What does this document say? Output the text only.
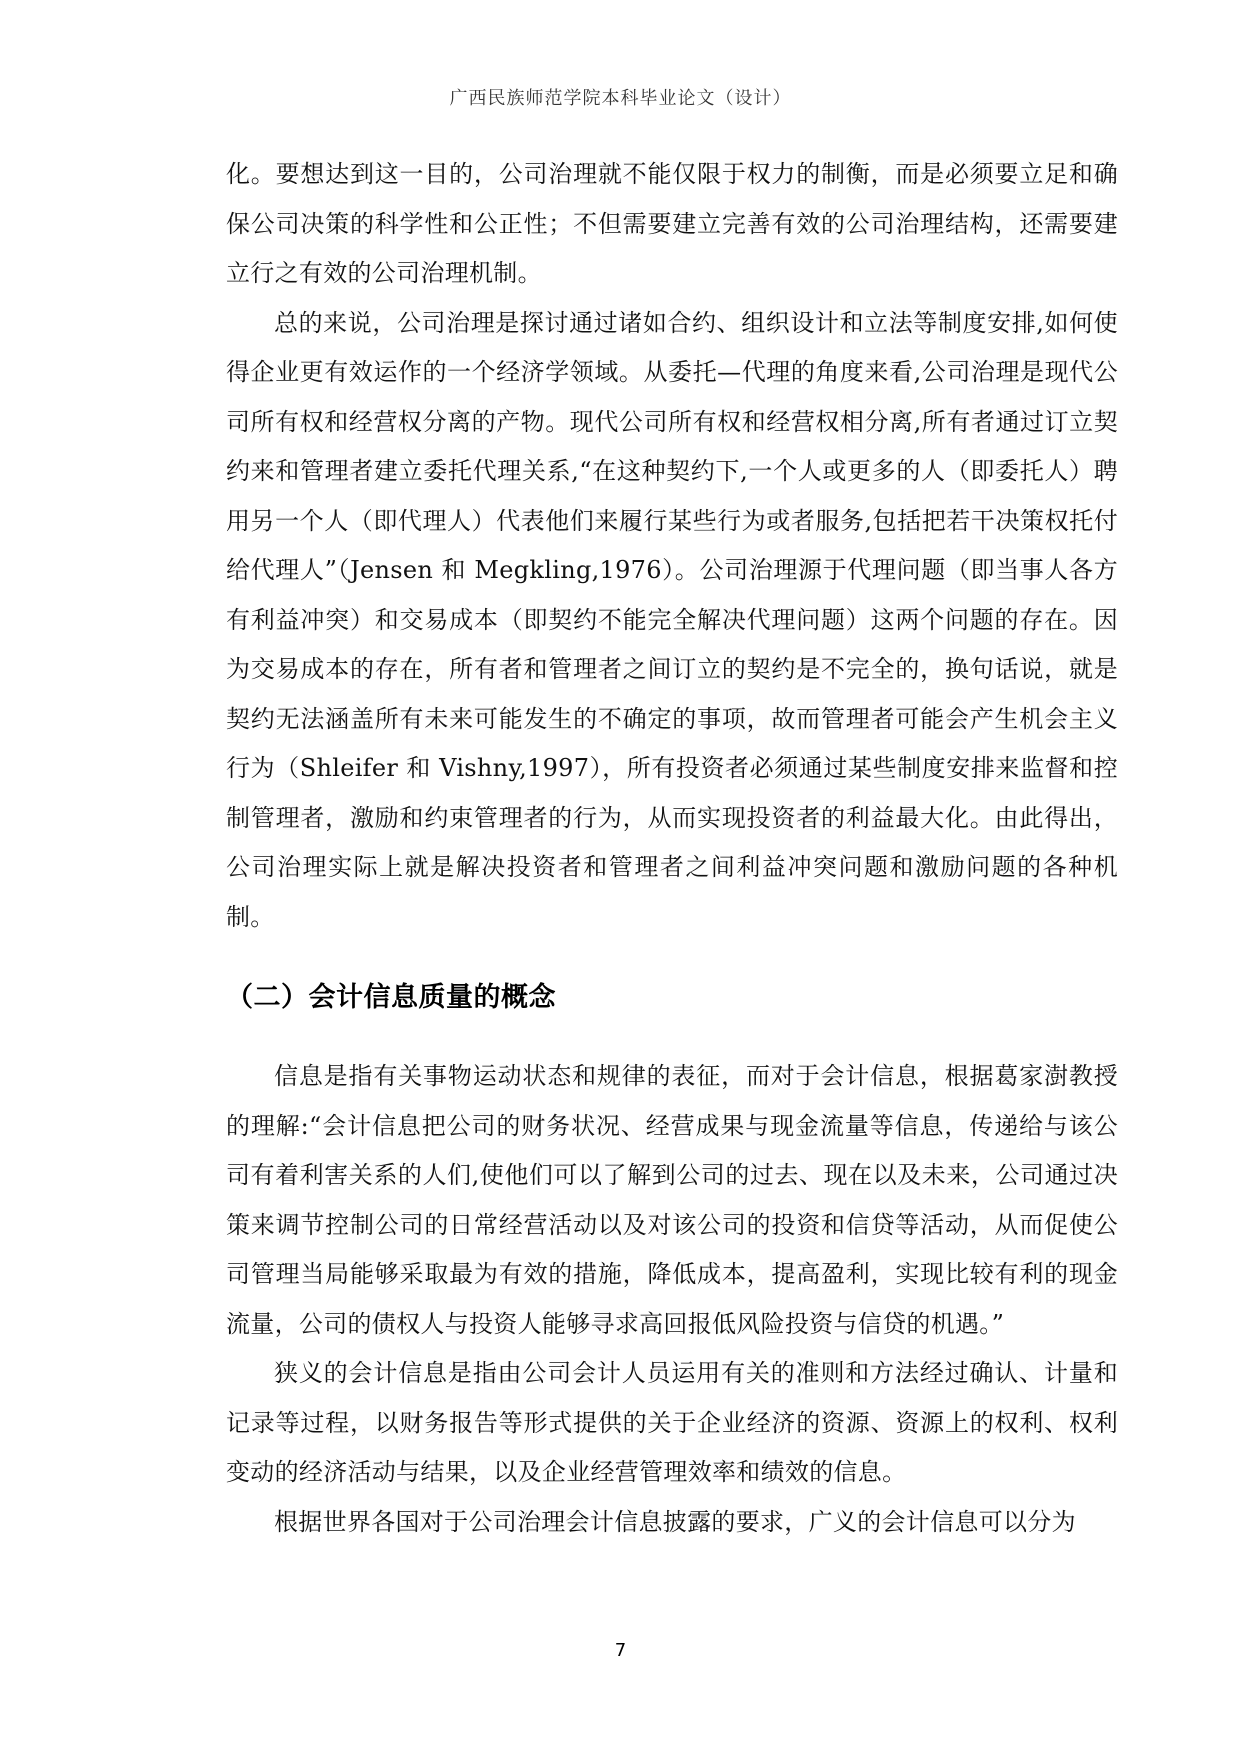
广西民族师范学院本科毕业论文（设计）

化。要想达到这一目的，公司治理就不能仅限于权力的制衡，而是必须要立足和确保公司决策的科学性和公正性；不但需要建立完善有效的公司治理结构，还需要建立行之有效的公司治理机制。

总的来说，公司治理是探讨通过诸如合约、组织设计和立法等制度安排,如何使得企业更有效运作的一个经济学领域。从委托—代理的角度来看,公司治理是现代公司所有权和经营权分离的产物。现代公司所有权和经营权相分离,所有者通过订立契约来和管理者建立委托代理关系,“在这种契约下,一个人或更多的人（即委托人）聘用另一个人（即代理人）代表他们来履行某些行为或者服务,包括把若干决策权托付给代理人”（Jensen 和 Megkling,1976）。公司治理源于代理问题（即当事人各方有利益冲突）和交易成本（即契约不能完全解决代理问题）这两个问题的存在。因为交易成本的存在，所有者和管理者之间订立的契约是不完全的，换句话说，就是契约无法涵盖所有未来可能发生的不确定的事项，故而管理者可能会产生机会主义行为（Shleifer 和 Vishny,1997），所有投资者必须通过某些制度安排来监督和控制管理者，激励和约束管理者的行为，从而实现投资者的利益最大化。由此得出，公司治理实际上就是解决投资者和管理者之间利益冲突问题和激励问题的各种机制。

（二）会计信息质量的概念

信息是指有关事物运动状态和规律的表征，而对于会计信息，根据葛家澍教授的理解:“会计信息把公司的财务状况、经营成果与现金流量等信息，传递给与该公司有着利害关系的人们,使他们可以了解到公司的过去、现在以及未来，公司通过决策来调节控制公司的日常经营活动以及对该公司的投资和信贷等活动，从而促使公司管理当局能够采取最为有效的措施，降低成本，提高盈利，实现比较有利的现金流量，公司的债权人与投资人能够寻求高回报低风险投资与信贷的机遇。”

狭义的会计信息是指由公司会计人员运用有关的准则和方法经过确认、计量和记录等过程，以财务报告等形式提供的关于企业经济的资源、资源上的权利、权利变动的经济活动与结果，以及企业经营管理效率和绩效的信息。

根据世界各国对于公司治理会计信息披露的要求，广义的会计信息可以分为

7
